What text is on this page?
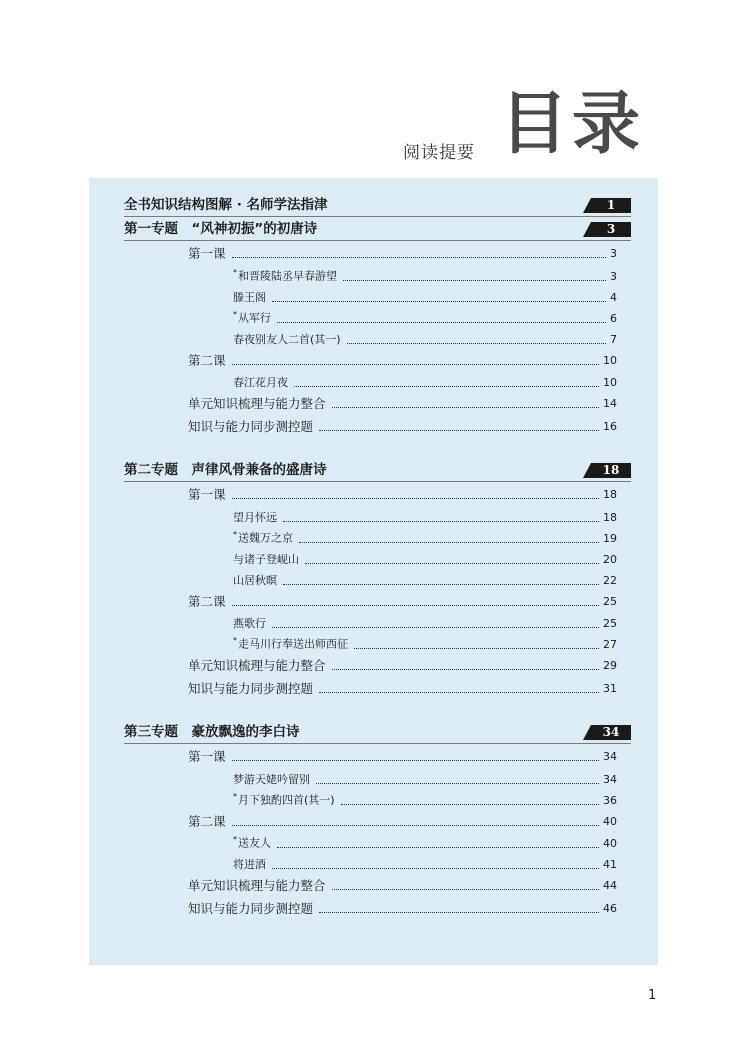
阅读提要 目录
全书知识结构图解 · 名师学法指津	1
第一专题　“风神初振”的初唐诗	3
第一课	3
*和晋陵陆丞早春游望	3
滕王阁	4
*从军行	6
春夜别友人二首(其一)	7
第二课	10
春江花月夜	10
单元知识梳理与能力整合	14
知识与能力同步测控题	16
第二专题　声律风骨兼备的盛唐诗	18
第一课	18
望月怀远	18
*送魏万之京	19
与诸子登岘山	20
山居秋暝	22
第二课	25
燕歌行	25
*走马川行奉送出师西征	27
单元知识梳理与能力整合	29
知识与能力同步测控题	31
第三专题　豪放飘逸的李白诗	34
第一课	34
梦游天姥吟留别	34
*月下独酌四首(其一)	36
第二课	40
*送友人	40
将进酒	41
单元知识梳理与能力整合	44
知识与能力同步测控题	46
1
